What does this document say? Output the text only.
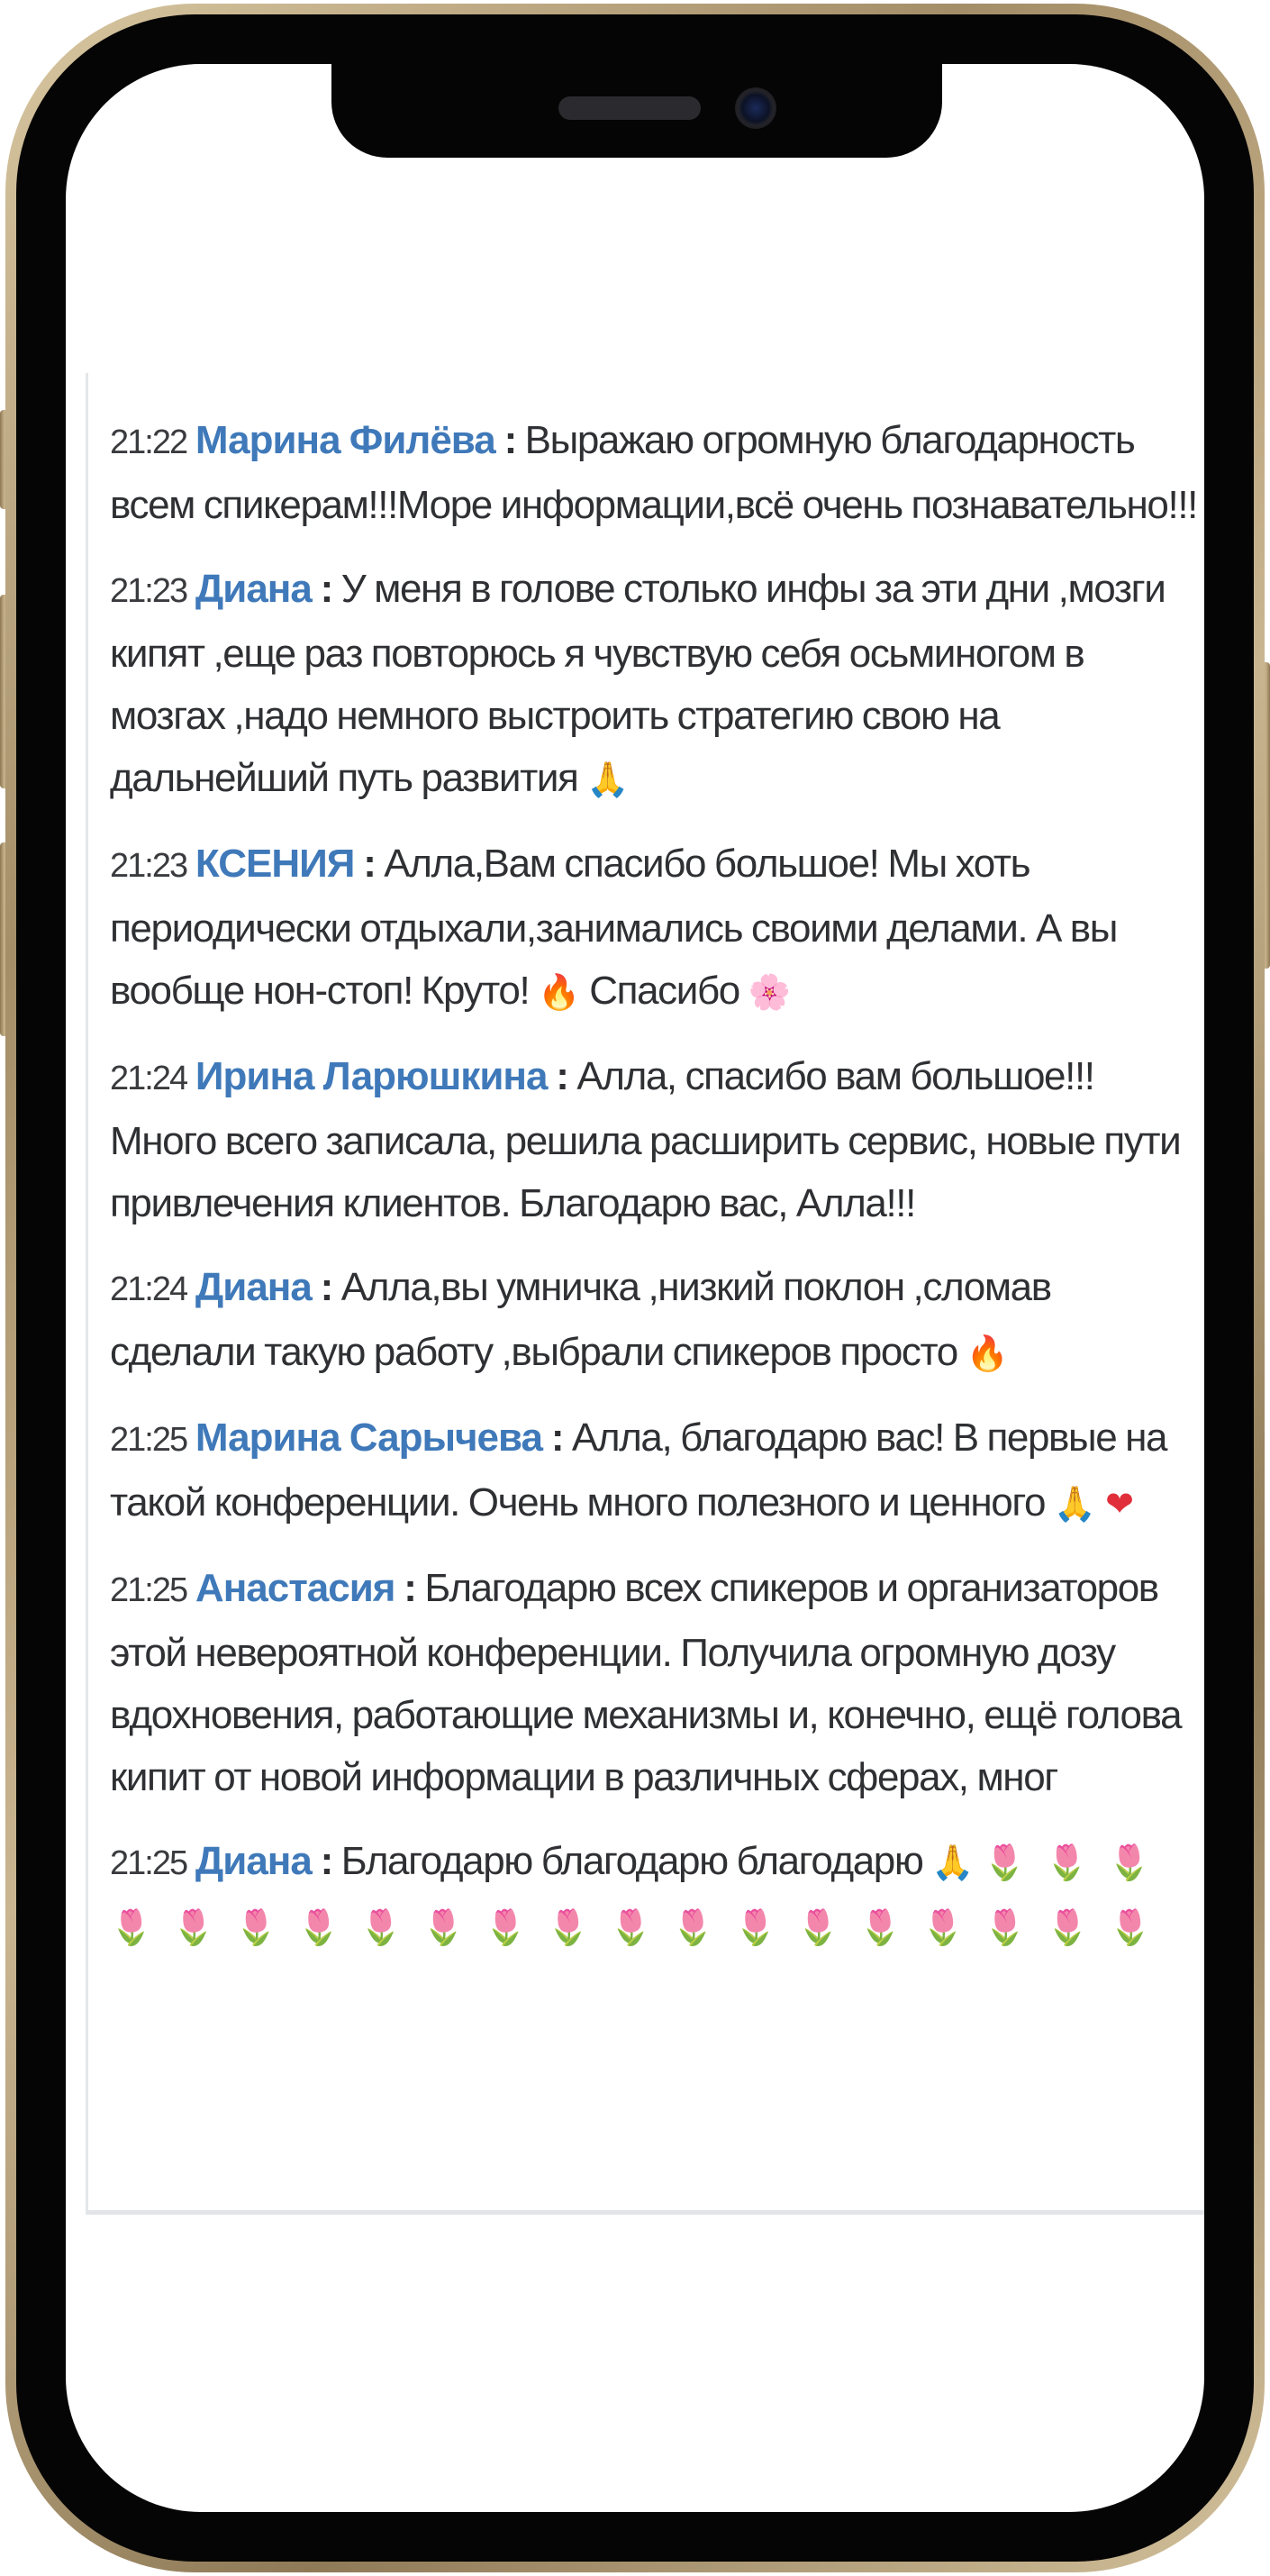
21:22 Марина Филёва : Выражаю огромную благодарность всем спикерам!!!Море информации,всё очень познавательно!!!

21:23 Диана : У меня в голове столько инфы за эти дни ,мозги кипят ,еще раз повторюсь я чувствую себя осьминогом в мозгах ,надо немного выстроить стратегию свою на дальнейший путь развития 🙏

21:23 КСЕНИЯ : Алла,Вам спасибо большое! Мы хоть периодически отдыхали,занимались своими делами. А вы вообще нон-стоп! Круто! 🔥 Спасибо 🌸

21:24 Ирина Ларюшкина : Алла, спасибо вам большое!!! Много всего записала, решила расширить сервис, новые пути привлечения клиентов. Благодарю вас, Алла!!!

21:24 Диана : Алла,вы умничка ,низкий поклон ,сломав сделали такую работу ,выбрали спикеров просто 🔥

21:25 Марина Сарычева : Алла, благодарю вас! В первые на такой конференции. Очень много полезного и ценного 🙏 ❤

21:25 Анастасия : Благодарю всех спикеров и организаторов этой невероятной конференции. Получила огромную дозу вдохновения, работающие механизмы и, конечно, ещё голова кипит от новой информации в различных сферах, мног

21:25 Диана : Благодарю благодарю благодарю 🙏 🌷🌷🌷🌷🌷🌷🌷🌷🌷🌷🌷🌷🌷🌷🌷🌷🌷🌷🌷🌷
